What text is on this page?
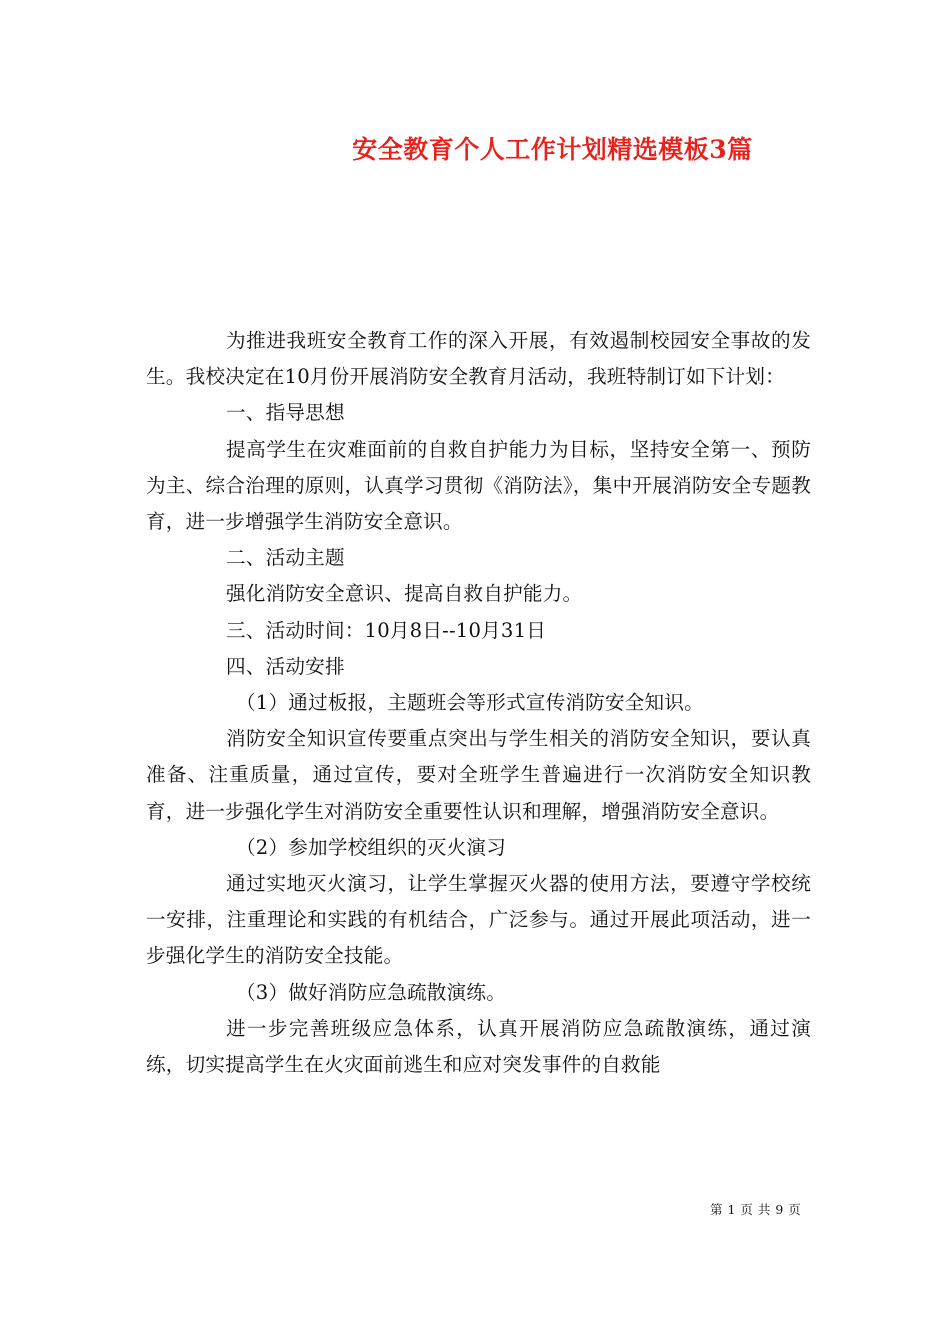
安全教育个人工作计划精选模板3篇

为推进我班安全教育工作的深入开展，有效遏制校园安全事故的发生。我校决定在10月份开展消防安全教育月活动，我班特制订如下计划：

一、指导思想

提高学生在灾难面前的自救自护能力为目标，坚持安全第一、预防为主、综合治理的原则，认真学习贯彻《消防法》，集中开展消防安全专题教育，进一步增强学生消防安全意识。

二、活动主题

强化消防安全意识、提高自救自护能力。

三、活动时间：10月8日--10月31日

四、活动安排

（1）通过板报，主题班会等形式宣传消防安全知识。

消防安全知识宣传要重点突出与学生相关的消防安全知识，要认真准备、注重质量，通过宣传，要对全班学生普遍进行一次消防安全知识教育，进一步强化学生对消防安全重要性认识和理解，增强消防安全意识。

（2）参加学校组织的灭火演习

通过实地灭火演习，让学生掌握灭火器的使用方法，要遵守学校统一安排，注重理论和实践的有机结合，广泛参与。通过开展此项活动，进一步强化学生的消防安全技能。

（3）做好消防应急疏散演练。

进一步完善班级应急体系，认真开展消防应急疏散演练，通过演练，切实提高学生在火灾面前逃生和应对突发事件的自救能

第 1 页 共 9 页
